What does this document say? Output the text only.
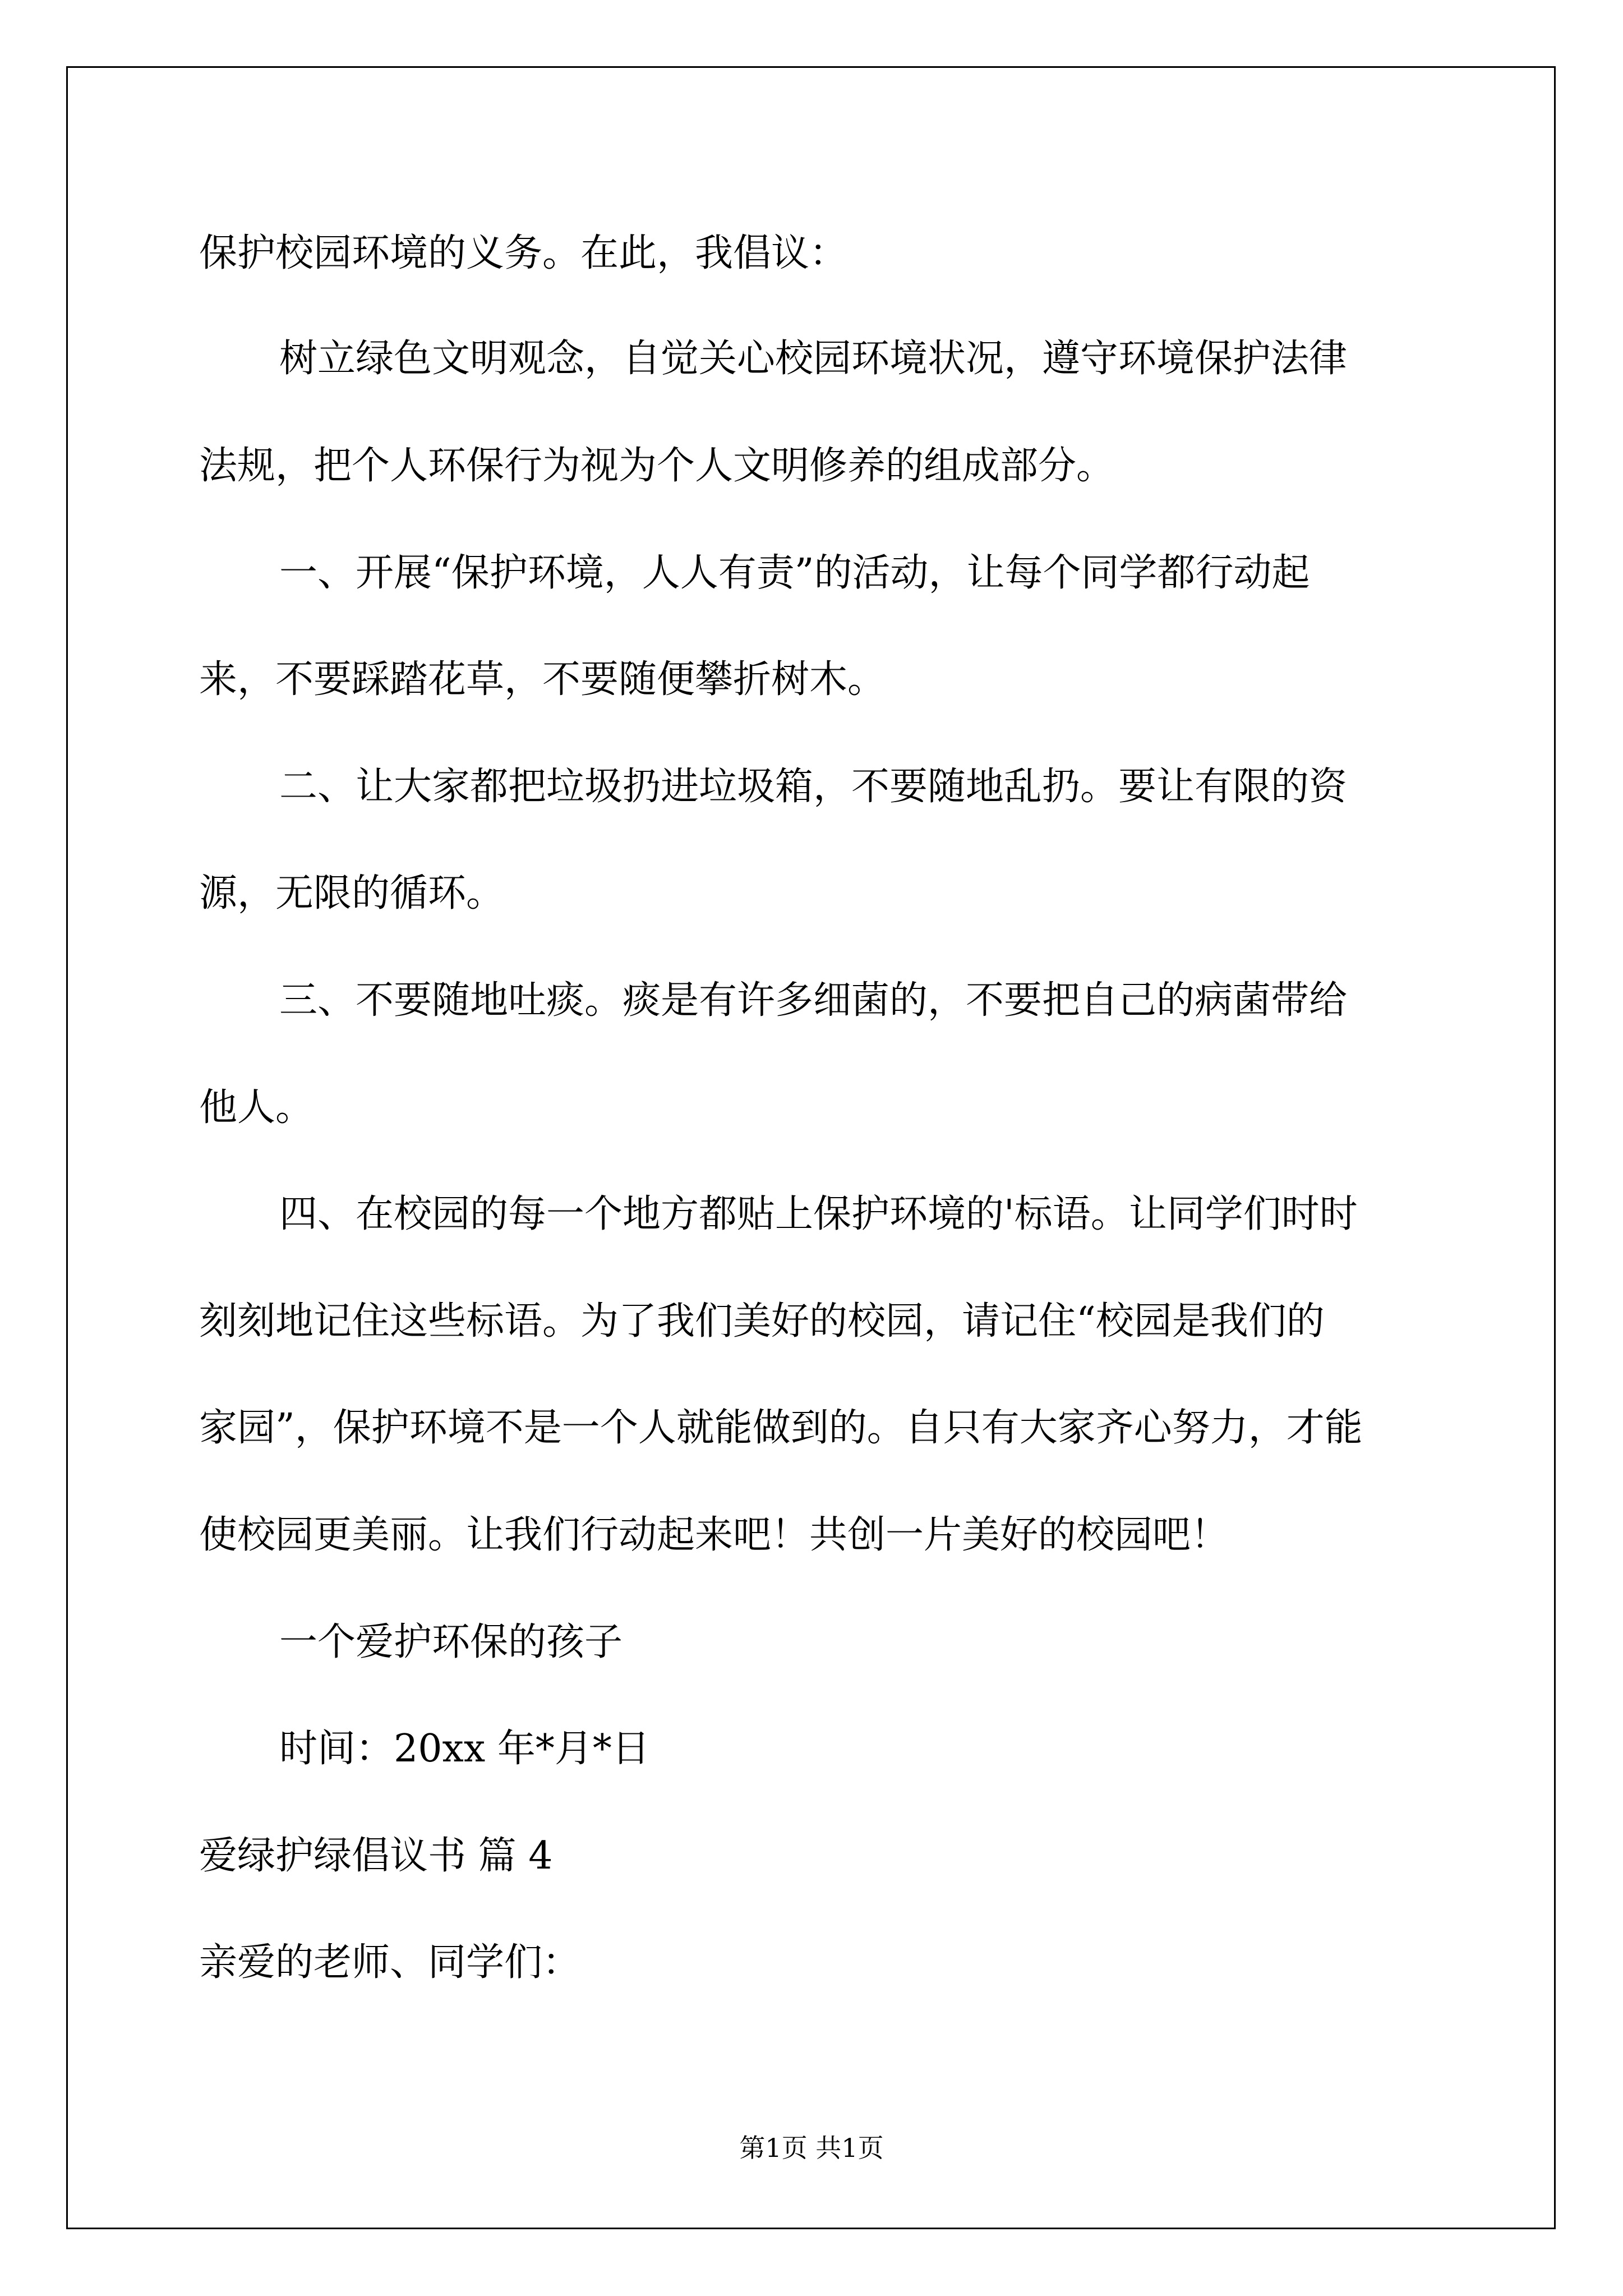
保护校园环境的义务。在此，我倡议：

树立绿色文明观念，自觉关心校园环境状况，遵守环境保护法律

法规，把个人环保行为视为个人文明修养的组成部分。

一、开展“保护环境，人人有责”的活动，让每个同学都行动起

来，不要踩踏花草，不要随便攀折树木。

二、让大家都把垃圾扔进垃圾箱，不要随地乱扔。要让有限的资

源，无限的循环。

三、不要随地吐痰。痰是有许多细菌的，不要把自己的病菌带给

他人。

四、在校园的每一个地方都贴上保护环境的'标语。让同学们时时

刻刻地记住这些标语。为了我们美好的校园，请记住“校园是我们的

家园”，保护环境不是一个人就能做到的。自只有大家齐心努力，才能

使校园更美丽。让我们行动起来吧！共创一片美好的校园吧！

一个爱护环保的孩子

时间：20xx 年*月*日

爱绿护绿倡议书 篇 4

亲爱的老师、同学们：

第1页 共1页
